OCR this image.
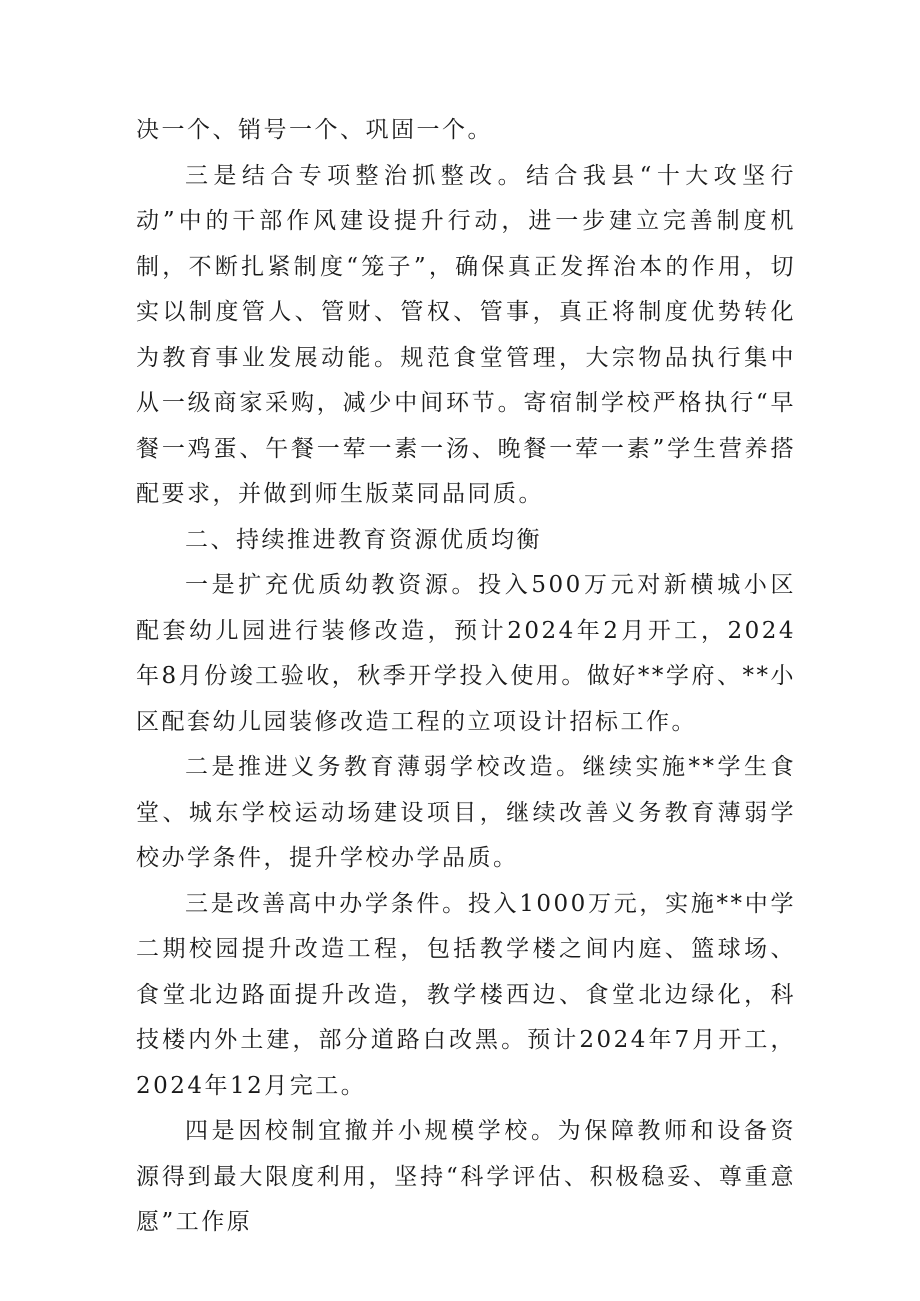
决一个、销号一个、巩固一个。

三是结合专项整治抓整改。结合我县“十大攻坚行动”中的干部作风建设提升行动，进一步建立完善制度机制，不断扎紧制度“笼子”，确保真正发挥治本的作用，切实以制度管人、管财、管权、管事，真正将制度优势转化为教育事业发展动能。规范食堂管理，大宗物品执行集中从一级商家采购，减少中间环节。寄宿制学校严格执行“早餐一鸡蛋、午餐一荤一素一汤、晚餐一荤一素”学生营养搭配要求，并做到师生版菜同品同质。

二、持续推进教育资源优质均衡

一是扩充优质幼教资源。投入500万元对新横城小区配套幼儿园进行装修改造，预计2024年2月开工，2024年8月份竣工验收，秋季开学投入使用。做好**学府、**小区配套幼儿园装修改造工程的立项设计招标工作。

二是推进义务教育薄弱学校改造。继续实施**学生食堂、城东学校运动场建设项目，继续改善义务教育薄弱学校办学条件，提升学校办学品质。

三是改善高中办学条件。投入1000万元，实施**中学二期校园提升改造工程，包括教学楼之间内庭、篮球场、食堂北边路面提升改造，教学楼西边、食堂北边绿化，科技楼内外土建，部分道路白改黑。预计2024年7月开工，2024年12月完工。

四是因校制宜撤并小规模学校。为保障教师和设备资源得到最大限度利用，坚持“科学评估、积极稳妥、尊重意愿”工作原
